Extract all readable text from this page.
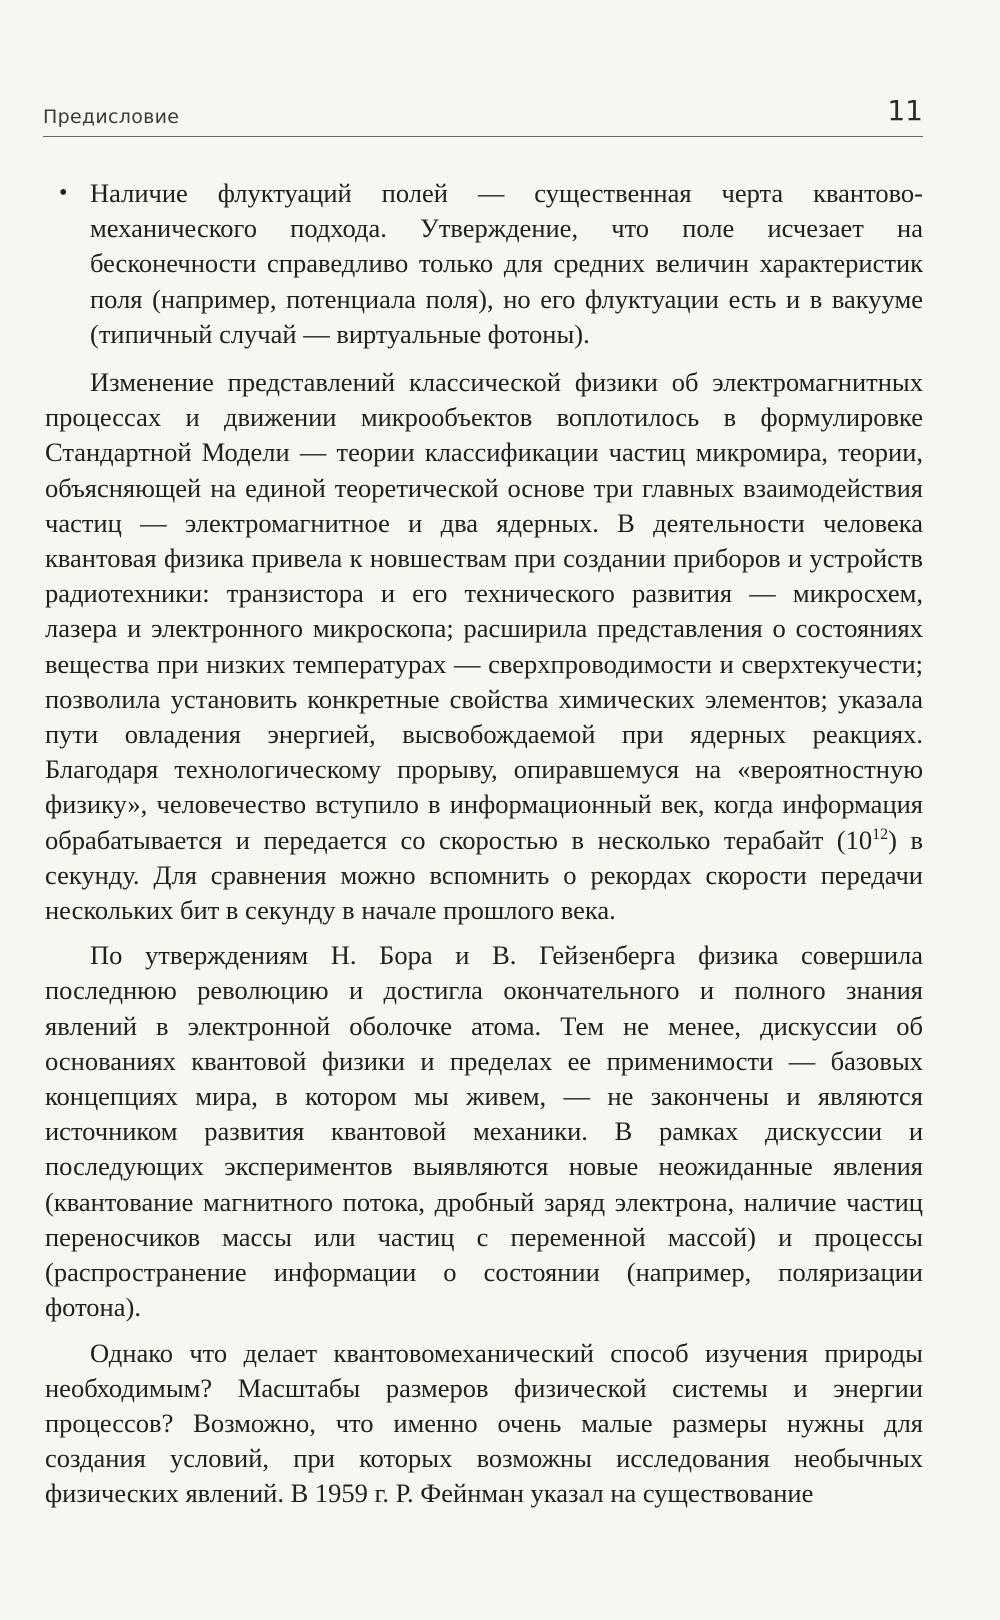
Предисловие	11

• Наличие флуктуаций полей — существенная черта квантово-механического подхода. Утверждение, что поле исчезает на бесконечности справедливо только для средних величин характеристик поля (например, потенциала поля), но его флуктуации есть и в вакууме (типичный случай — виртуальные фотоны).

Изменение представлений классической физики об электромагнитных процессах и движении микрообъектов воплотилось в формулировке Стандартной Модели — теории классификации частиц микромира, теории, объясняющей на единой теоретической основе три главных взаимодействия частиц — электромагнитное и два ядерных. В деятельности человека квантовая физика привела к новшествам при создании приборов и устройств радиотехники: транзистора и его технического развития — микросхем, лазера и электронного микроскопа; расширила представления о состояниях вещества при низких температурах — сверхпроводимости и сверхтекучести; позволила установить конкретные свойства химических элементов; указала пути овладения энергией, высвобождаемой при ядерных реакциях. Благодаря технологическому прорыву, опиравшемуся на «вероятностную физику», человечество вступило в информационный век, когда информация обрабатывается и передается со скоростью в несколько терабайт $(10^{12})$ в секунду. Для сравнения можно вспомнить о рекордах скорости передачи нескольких бит в секунду в начале прошлого века.

По утверждениям Н. Бора и В. Гейзенберга физика совершила последнюю революцию и достигла окончательного и полного знания явлений в электронной оболочке атома. Тем не менее, дискуссии об основаниях квантовой физики и пределах ее применимости — базовых концепциях мира, в котором мы живем, — не закончены и являются источником развития квантовой механики. В рамках дискуссии и последующих экспериментов выявляются новые неожиданные явления (квантование магнитного потока, дробный заряд электрона, наличие частиц переносчиков массы или частиц с переменной массой) и процессы (распространение информации о состоянии (например, поляризации фотона).

Однако что делает квантовомеханический способ изучения природы необходимым? Масштабы размеров физической системы и энергии процессов? Возможно, что именно очень малые размеры нужны для создания условий, при которых возможны исследования необычных физических явлений. В 1959 г. Р. Фейнман указал на существование
